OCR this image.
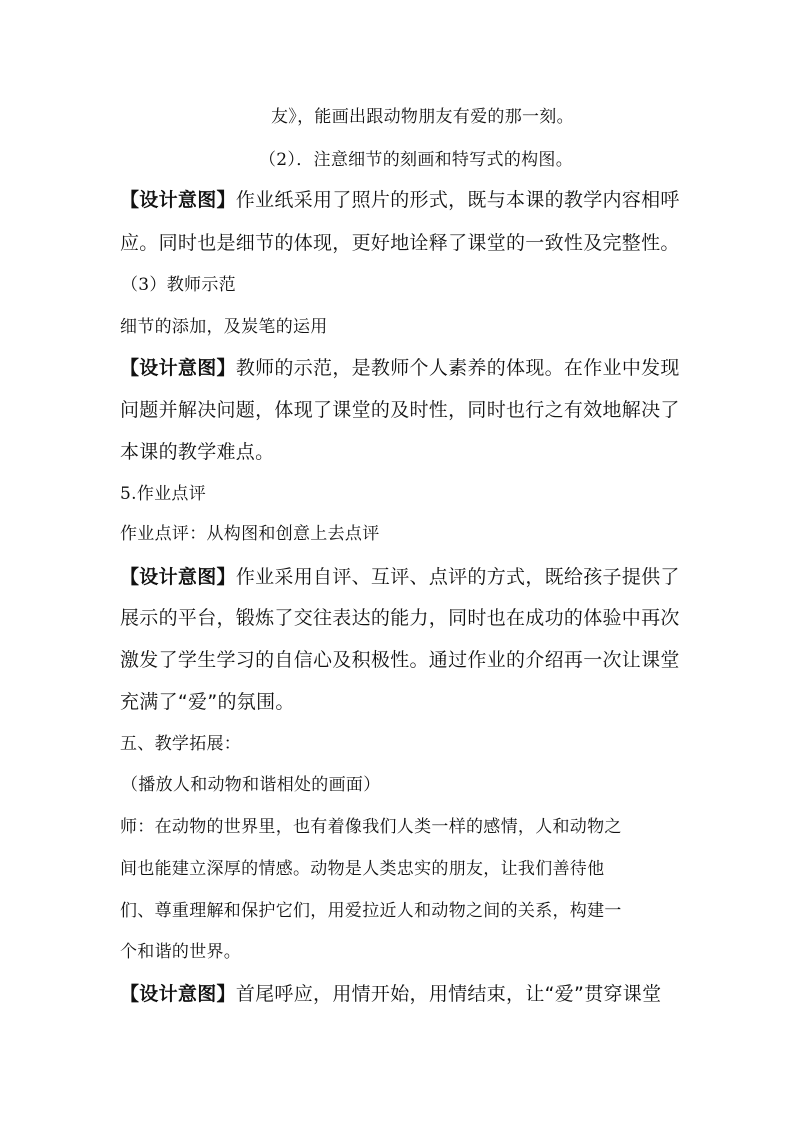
友》，能画出跟动物朋友有爱的那一刻。
（2）．注意细节的刻画和特写式的构图。
【设计意图】作业纸采用了照片的形式，既与本课的教学内容相呼
应。同时也是细节的体现，更好地诠释了课堂的一致性及完整性。
（3）教师示范
细节的添加，及炭笔的运用
【设计意图】教师的示范，是教师个人素养的体现。在作业中发现
问题并解决问题，体现了课堂的及时性，同时也行之有效地解决了
本课的教学难点。
5.作业点评
作业点评：从构图和创意上去点评
【设计意图】作业采用自评、互评、点评的方式，既给孩子提供了
展示的平台，锻炼了交往表达的能力，同时也在成功的体验中再次
激发了学生学习的自信心及积极性。通过作业的介绍再一次让课堂
充满了“爱”的氛围。
五、教学拓展：
（播放人和动物和谐相处的画面）
师：在动物的世界里，也有着像我们人类一样的感情，人和动物之
间也能建立深厚的情感。动物是人类忠实的朋友，让我们善待他
们、尊重理解和保护它们，用爱拉近人和动物之间的关系，构建一
个和谐的世界。
【设计意图】首尾呼应，用情开始，用情结束，让“爱”贯穿课堂
